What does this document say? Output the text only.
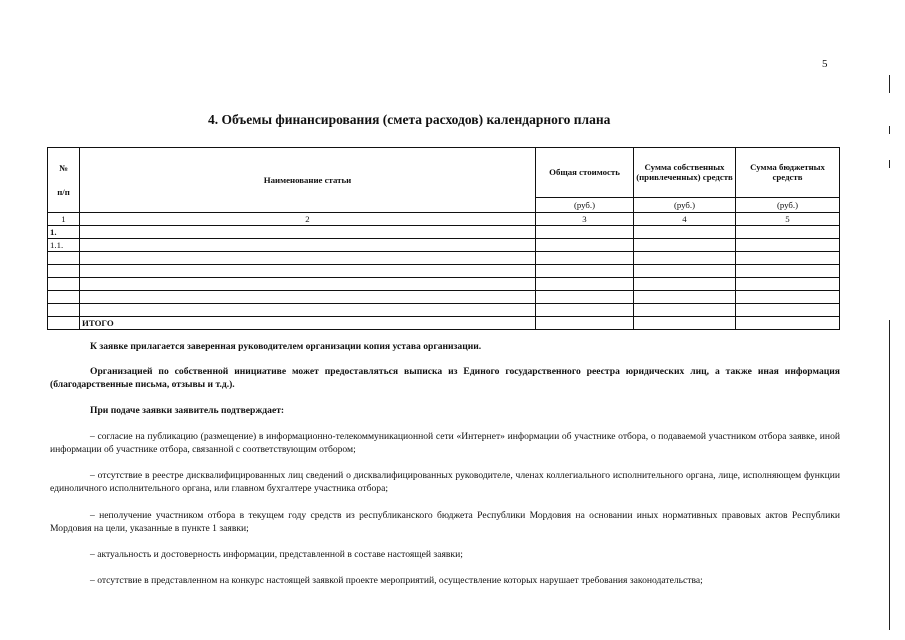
5
4. Объемы финансирования (смета расходов) календарного плана
№
п/п	Наименование статьи	Общая стоимость	Сумма собственных (привлеченных) средств	Сумма бюджетных средств
		(руб.)	(руб.)	(руб.)
1	2	3	4	5
1.				
1.1.				

	ИТОГО			
К заявке прилагается заверенная руководителем организации копия устава организации.
Организацией по собственной инициативе может предоставляться выписка из Единого государственного реестра юридических лиц, а также иная информация (благодарственные письма, отзывы и т.д.).
При подаче заявки заявитель подтверждает:
– согласие на публикацию (размещение) в информационно-телекоммуникационной сети «Интернет» информации об участнике отбора, о подаваемой участником отбора заявке, иной информации об участнике отбора, связанной с соответствующим отбором;
– отсутствие в реестре дисквалифицированных лиц сведений о дисквалифицированных руководителе, членах коллегиального исполнительного органа, лице, исполняющем функции единоличного исполнительного органа, или главном бухгалтере участника отбора;
– неполучение участником отбора в текущем году средств из республиканского бюджета Республики Мордовия на основании иных нормативных правовых актов Республики Мордовия на цели, указанные в пункте 1 заявки;
– актуальность и достоверность информации, представленной в составе настоящей заявки;
– отсутствие в представленном на конкурс настоящей заявкой проекте мероприятий, осуществление которых нарушает требования законодательства;
